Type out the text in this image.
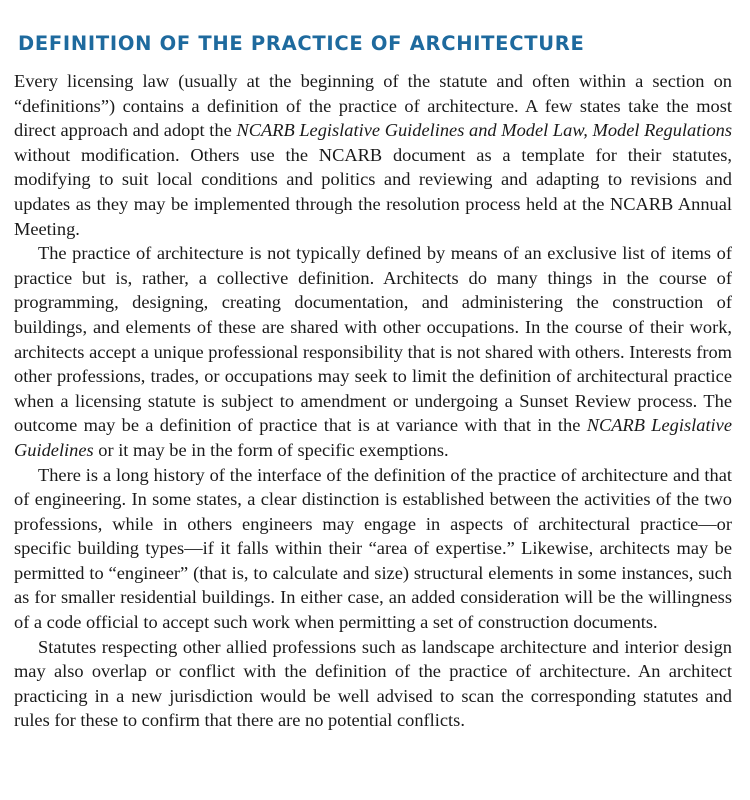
DEFINITION OF THE PRACTICE OF ARCHITECTURE

Every licensing law (usually at the beginning of the statute and often within a section on “definitions”) contains a definition of the practice of architecture. A few states take the most direct approach and adopt the NCARB Legislative Guidelines and Model Law, Model Regulations without modification. Others use the NCARB document as a template for their statutes, modifying to suit local conditions and politics and reviewing and adapting to revisions and updates as they may be implemented through the resolution process held at the NCARB Annual Meeting.

The practice of architecture is not typically defined by means of an exclusive list of items of practice but is, rather, a collective definition. Architects do many things in the course of programming, designing, creating documentation, and administering the construction of buildings, and elements of these are shared with other occupations. In the course of their work, architects accept a unique professional responsibility that is not shared with others. Interests from other professions, trades, or occupations may seek to limit the definition of architectural practice when a licensing statute is subject to amendment or undergoing a Sunset Review process. The outcome may be a definition of practice that is at variance with that in the NCARB Legislative Guidelines or it may be in the form of specific exemptions.

There is a long history of the interface of the definition of the practice of architecture and that of engineering. In some states, a clear distinction is established between the activities of the two professions, while in others engineers may engage in aspects of architectural practice—or specific building types—if it falls within their “area of expertise.” Likewise, architects may be permitted to “engineer” (that is, to calculate and size) structural elements in some instances, such as for smaller residential buildings. In either case, an added consideration will be the willingness of a code official to accept such work when permitting a set of construction documents.

Statutes respecting other allied professions such as landscape architecture and interior design may also overlap or conflict with the definition of the practice of architecture. An architect practicing in a new jurisdiction would be well advised to scan the corresponding statutes and rules for these to confirm that there are no potential conflicts.
